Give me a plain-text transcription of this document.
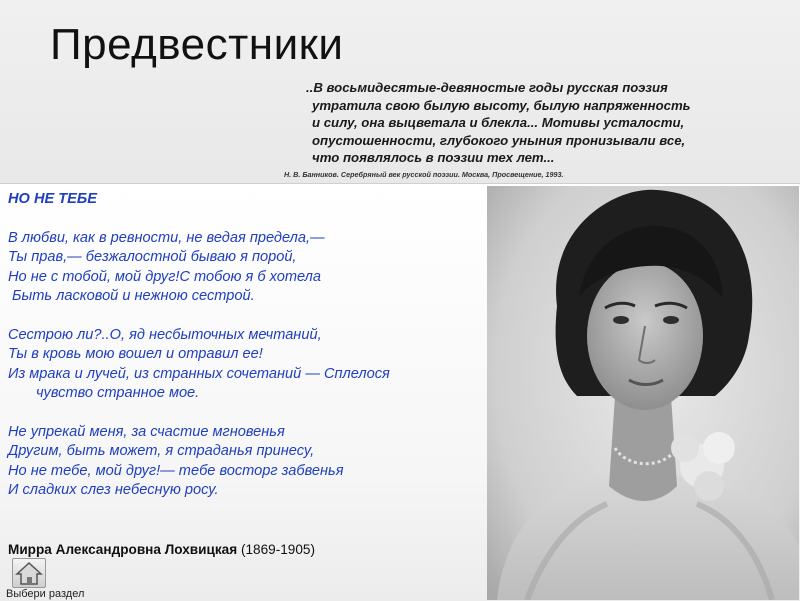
Предвестники
..В восьмидесятые-девяностые годы русская поэзия
утратила свою былую высоту, былую напряженность
и силу, она выцветала и блекла... Мотивы усталости,
опустошенности, глубокого уныния пронизывали все,
что появлялось в поэзии тех лет...
Н. В. Банников. Серебряный век русской поэзии. Москва, Просвещение, 1993.
НО НЕ ТЕБЕ
В любви, как в ревности, не ведая предела,—
Ты прав,— безжалостной бываю я порой,
Но не с тобой, мой друг!С тобою я б хотела
Быть ласковой и нежною сестрой.
Сестрою ли?..О, яд несбыточных мечтаний,
Ты в кровь мою вошел и отравил ее!
Из мрака и лучей, из странных сочетаний — Сплелося
чувство странное мое.
Не упрекай меня, за счастие мгновенья
Другим, быть может, я страданья принесу,
Но не тебе, мой друг!— тебе восторг забвенья
И сладких слез небесную росу.
Мирра Александровна Лохвицкая (1869-1905)
Выбери раздел
